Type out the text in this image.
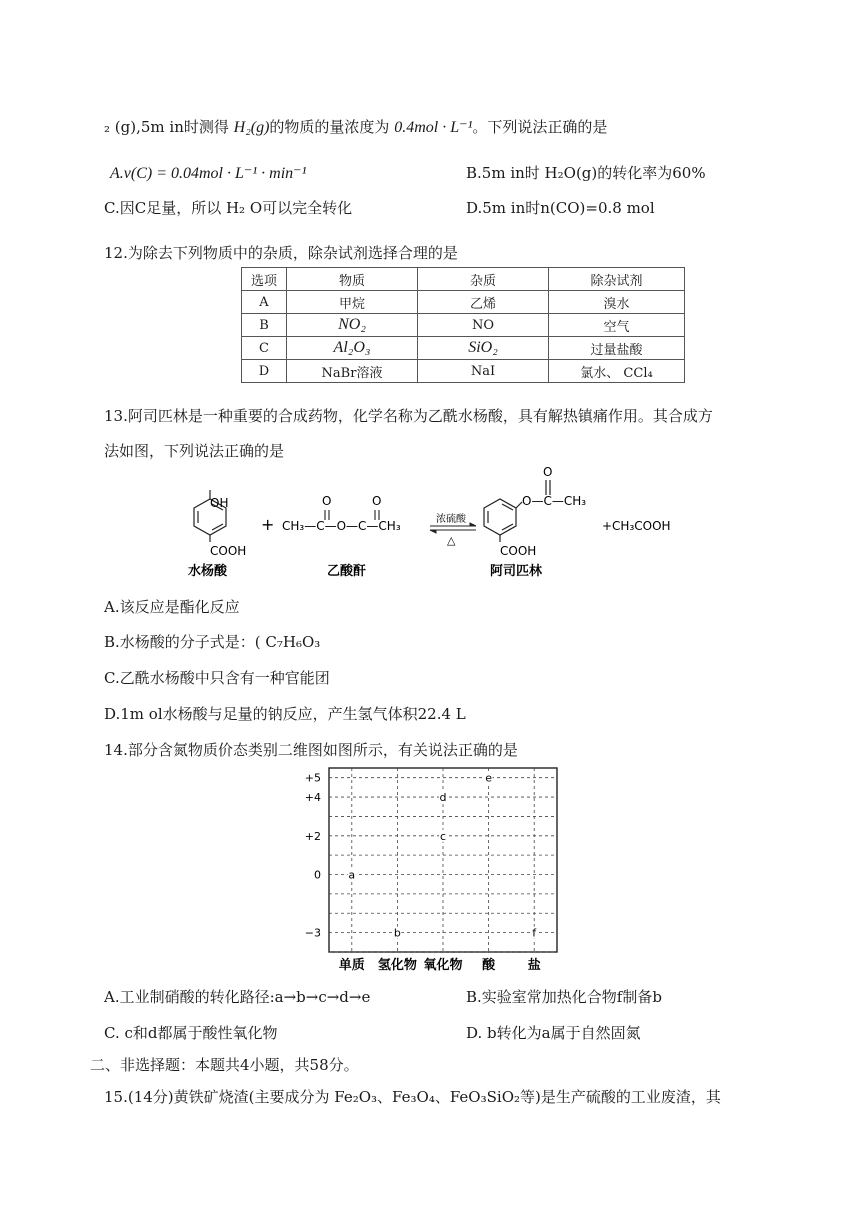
₂ (g),5m in时测得 H₂(g)的物质的量浓度为 0.4mol · L⁻¹。下列说法正确的是
A.v(C) = 0.04mol · L⁻¹ · min⁻¹	B.5m in时 H₂O(g)的转化率为60%
C.因C足量，所以 H₂ O可以完全转化	D.5m in时n(CO)=0.8 mol
12.为除去下列物质中的杂质，除杂试剂选择合理的是
选项	物质	杂质	除杂试剂
A	甲烷	乙烯	溴水
B	NO₂	NO	空气
C	Al₂O₃	SiO₂	过量盐酸
D	NaBr溶液	NaI	氯水、 CCl₄
13.阿司匹林是一种重要的合成药物，化学名称为乙酰水杨酸，具有解热镇痛作用。其合成方
法如图，下列说法正确的是
OH
COOH
水杨酸
+
O	O
CH₃—C—O—C—CH₃
乙酸酐
浓硫酸
△
O
O—C—CH₃
COOH
阿司匹林
+CH₃COOH
A.该反应是酯化反应
B.水杨酸的分子式是：( C₇H₆O₃
C.乙酰水杨酸中只含有一种官能团
D.1m ol水杨酸与足量的钠反应，产生氢气体积22.4 L
14.部分含氮物质价态类别二维图如图所示，有关说法正确的是
+5
+4
+2
0
−3
单质 氢化物 氧化物 酸	盐
a
b
c
d
e
f
A.工业制硝酸的转化路径:a→b→c→d→e	B.实验室常加热化合物f制备b
C. c和d都属于酸性氧化物	D. b转化为a属于自然固氮
二、非选择题：本题共4小题，共58分。
15.(14分)黄铁矿烧渣(主要成分为 Fe₂O₃、Fe₃O₄、FeO₃SiO₂等)是生产硫酸的工业废渣，其
